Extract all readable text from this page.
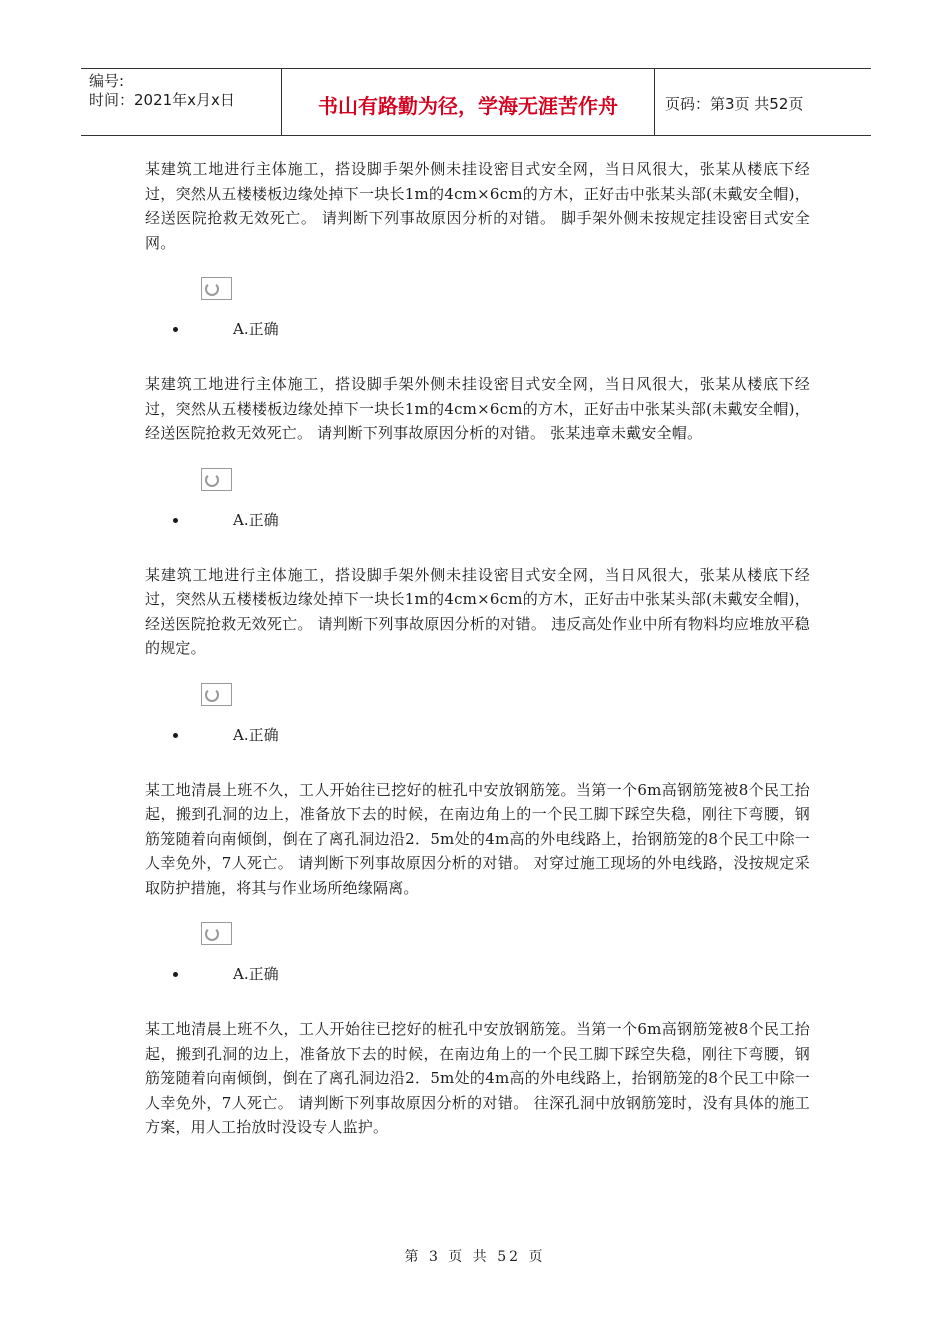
编号:
时间：2021年x月x日	书山有路勤为径，学海无涯苦作舟	页码：第3页 共52页

某建筑工地进行主体施工，搭设脚手架外侧未挂设密目式安全网，当日风很大，张某从楼底下经过，突然从五楼楼板边缘处掉下一块长1m的4cm×6cm的方木，正好击中张某头部(未戴安全帽)，经送医院抢救无效死亡。 请判断下列事故原因分析的对错。 脚手架外侧未按规定挂设密目式安全网。

A.正确

某建筑工地进行主体施工，搭设脚手架外侧未挂设密目式安全网，当日风很大，张某从楼底下经过，突然从五楼楼板边缘处掉下一块长1m的4cm×6cm的方木，正好击中张某头部(未戴安全帽)，经送医院抢救无效死亡。 请判断下列事故原因分析的对错。 张某违章未戴安全帽。

A.正确

某建筑工地进行主体施工，搭设脚手架外侧未挂设密目式安全网，当日风很大，张某从楼底下经过，突然从五楼楼板边缘处掉下一块长1m的4cm×6cm的方木，正好击中张某头部(未戴安全帽)，经送医院抢救无效死亡。 请判断下列事故原因分析的对错。 违反高处作业中所有物料均应堆放平稳的规定。

A.正确

某工地清晨上班不久，工人开始往已挖好的桩孔中安放钢筋笼。当第一个6m高钢筋笼被8个民工抬起，搬到孔洞的边上，准备放下去的时候，在南边角上的一个民工脚下踩空失稳，刚往下弯腰，钢筋笼随着向南倾倒，倒在了离孔洞边沿2．5m处的4m高的外电线路上，抬钢筋笼的8个民工中除一人幸免外，7人死亡。 请判断下列事故原因分析的对错。 对穿过施工现场的外电线路，没按规定采取防护措施，将其与作业场所绝缘隔离。

A.正确

某工地清晨上班不久，工人开始往已挖好的桩孔中安放钢筋笼。当第一个6m高钢筋笼被8个民工抬起，搬到孔洞的边上，准备放下去的时候，在南边角上的一个民工脚下踩空失稳，刚往下弯腰，钢筋笼随着向南倾倒，倒在了离孔洞边沿2．5m处的4m高的外电线路上，抬钢筋笼的8个民工中除一人幸免外，7人死亡。 请判断下列事故原因分析的对错。 往深孔洞中放钢筋笼时，没有具体的施工方案，用人工抬放时没设专人监护。

第 3 页 共 52 页
